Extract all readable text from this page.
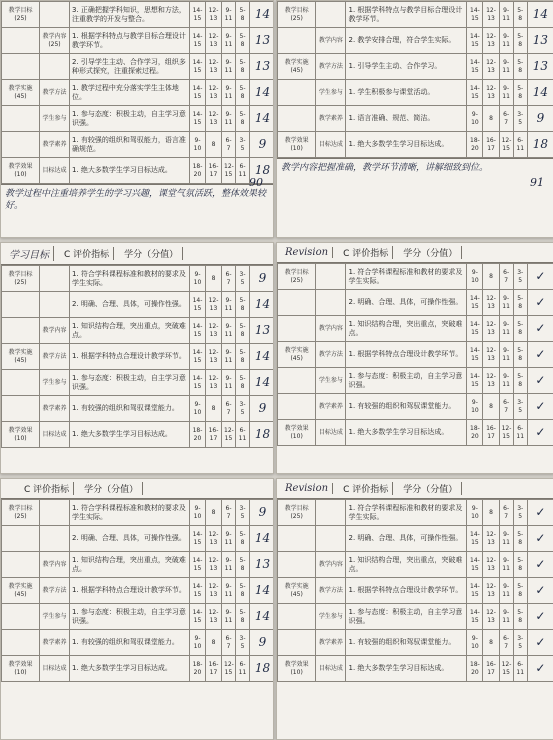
教学目标 (25)		3. 正确把握学科知识，思想和方法，注重教学的开发与整合。	14-15	12-13	9-11	5-8	14
	教学内容 (25)	1. 根据学科特点与教学目标合理设计教学环节。	14-15	12-13	9-11	5-8	13
		2. 引导学生主动、合作学习，组织多种形式探究，注重探索过程。	14-15	12-13	9-11	5-8	13
教学实施 (45)	教学方法	1. 教学过程中充分落实学生主体地位。	14-15	12-13	9-11	5-8	14
	学生参与	1. 参与态度：积极主动，自主学习意识强。	14-15	12-13	9-11	5-8	14
	教学素养	1. 有较强的组织和驾驭能力，语言准确规范。	9-10	8	6-7	3-5	9
教学效果 (10)	目标达成	1. 绝大多数学生学习目标达成。	18-20	16-17	12-15	6-11	18
教学过程中注重培养学生的学习兴趣，课堂气氛活跃，整体效果较好。
90
教学目标 (25)		1. 根据学科特点与教学目标合理设计教学环节。	14-15	12-13	9-11	5-8	14
	教学内容	2. 教学安排合理，符合学生实际。	14-15	12-13	9-11	5-8	13
教学实施 (45)	教学方法	1. 引导学生主动、合作学习。	14-15	12-13	9-11	5-8	13
	学生参与	1. 学生积极参与课堂活动。	14-15	12-13	9-11	5-8	14
	教学素养	1. 语言准确、规范、简洁。	9-10	8	6-7	3-5	9
教学效果 (10)	目标达成	1. 绝大多数学生学习目标达成。	18-20	16-17	12-15	6-11	18
教学内容把握准确，教学环节清晰，讲解细致到位。
91
学习目标	C 评价指标	学分（分值）
教学目标 (25)		1. 符合学科课程标准和教材的要求及学生实际。	9-10	8	6-7	3-5	9
		2. 明确、合理、具体，可操作性强。	14-15	12-13	9-11	5-8	14
	教学内容	1. 知识结构合理，突出重点，突破难点。	14-15	12-13	9-11	5-8	13
教学实施 (45)	教学方法	1. 根据学科特点合理设计教学环节。	14-15	12-13	9-11	5-8	14
	学生参与	1. 参与态度：积极主动，自主学习意识强。	14-15	12-13	9-11	5-8	14
	教学素养	1. 有较强的组织和驾驭课堂能力。	9-10	8	6-7	3-5	9
教学效果 (10)	目标达成	1. 绝大多数学生学习目标达成。	18-20	16-17	12-15	6-11	18
Revision	C 评价指标	学分（分值）
教学目标 (25)		1. 符合学科课程标准和教材的要求及学生实际。	9-10	8	6-7	3-5	✓
		2. 明确、合理、具体，可操作性强。	14-15	12-13	9-11	5-8	✓
	教学内容	1. 知识结构合理，突出重点，突破难点。	14-15	12-13	9-11	5-8	✓
教学实施 (45)	教学方法	1. 根据学科特点合理设计教学环节。	14-15	12-13	9-11	5-8	✓
	学生参与	1. 参与态度：积极主动，自主学习意识强。	14-15	12-13	9-11	5-8	✓
	教学素养	1. 有较强的组织和驾驭课堂能力。	9-10	8	6-7	3-5	✓
教学效果 (10)	目标达成	1. 绝大多数学生学习目标达成。	18-20	16-17	12-15	6-11	✓
C 评价指标	学分（分值）
教学目标 (25)		1. 符合学科课程标准和教材的要求及学生实际。	9-10	8	6-7	3-5	9
		2. 明确、合理、具体，可操作性强。	14-15	12-13	9-11	5-8	14
	教学内容	1. 知识结构合理，突出重点，突破难点。	14-15	12-13	9-11	5-8	13
教学实施 (45)	教学方法	1. 根据学科特点合理设计教学环节。	14-15	12-13	9-11	5-8	14
	学生参与	1. 参与态度：积极主动，自主学习意识强。	14-15	12-13	9-11	5-8	14
	教学素养	1. 有较强的组织和驾驭课堂能力。	9-10	8	6-7	3-5	9
教学效果 (10)	目标达成	1. 绝大多数学生学习目标达成。	18-20	16-17	12-15	6-11	18
Revision	C 评价指标	学分（分值）
教学目标 (25)		1. 符合学科课程标准和教材的要求及学生实际。	9-10	8	6-7	3-5	✓
		2. 明确、合理、具体，可操作性强。	14-15	12-13	9-11	5-8	✓
	教学内容	1. 知识结构合理，突出重点，突破难点。	14-15	12-13	9-11	5-8	✓
教学实施 (45)	教学方法	1. 根据学科特点合理设计教学环节。	14-15	12-13	9-11	5-8	✓
	学生参与	1. 参与态度：积极主动，自主学习意识强。	14-15	12-13	9-11	5-8	✓
	教学素养	1. 有较强的组织和驾驭课堂能力。	9-10	8	6-7	3-5	✓
教学效果 (10)	目标达成	1. 绝大多数学生学习目标达成。	18-20	16-17	12-15	6-11	✓
